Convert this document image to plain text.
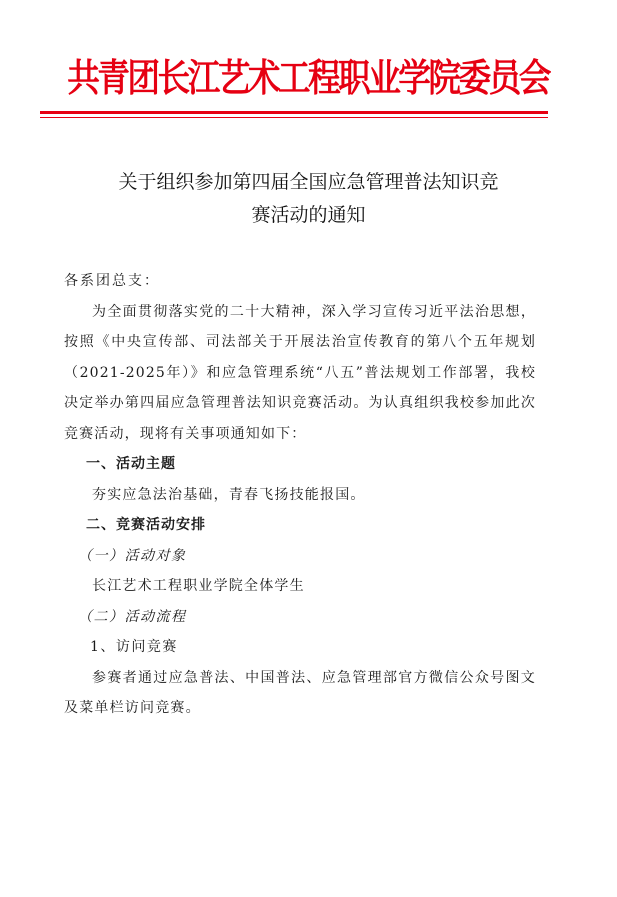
共青团长江艺术工程职业学院委员会
关于组织参加第四届全国应急管理普法知识竞
赛活动的通知

各系团总支：

为全面贯彻落实党的二十大精神，深入学习宣传习近平法治思想，按照《中央宣传部、司法部关于开展法治宣传教育的第八个五年规划（2021-2025年）》和应急管理系统“八五”普法规划工作部署，我校决定举办第四届应急管理普法知识竞赛活动。为认真组织我校参加此次竞赛活动，现将有关事项通知如下：

一、活动主题

夯实应急法治基础，青春飞扬技能报国。

二、竞赛活动安排

（一）活动对象

长江艺术工程职业学院全体学生

（二）活动流程

1、访问竞赛

参赛者通过应急普法、中国普法、应急管理部官方微信公众号图文及菜单栏访问竞赛。
